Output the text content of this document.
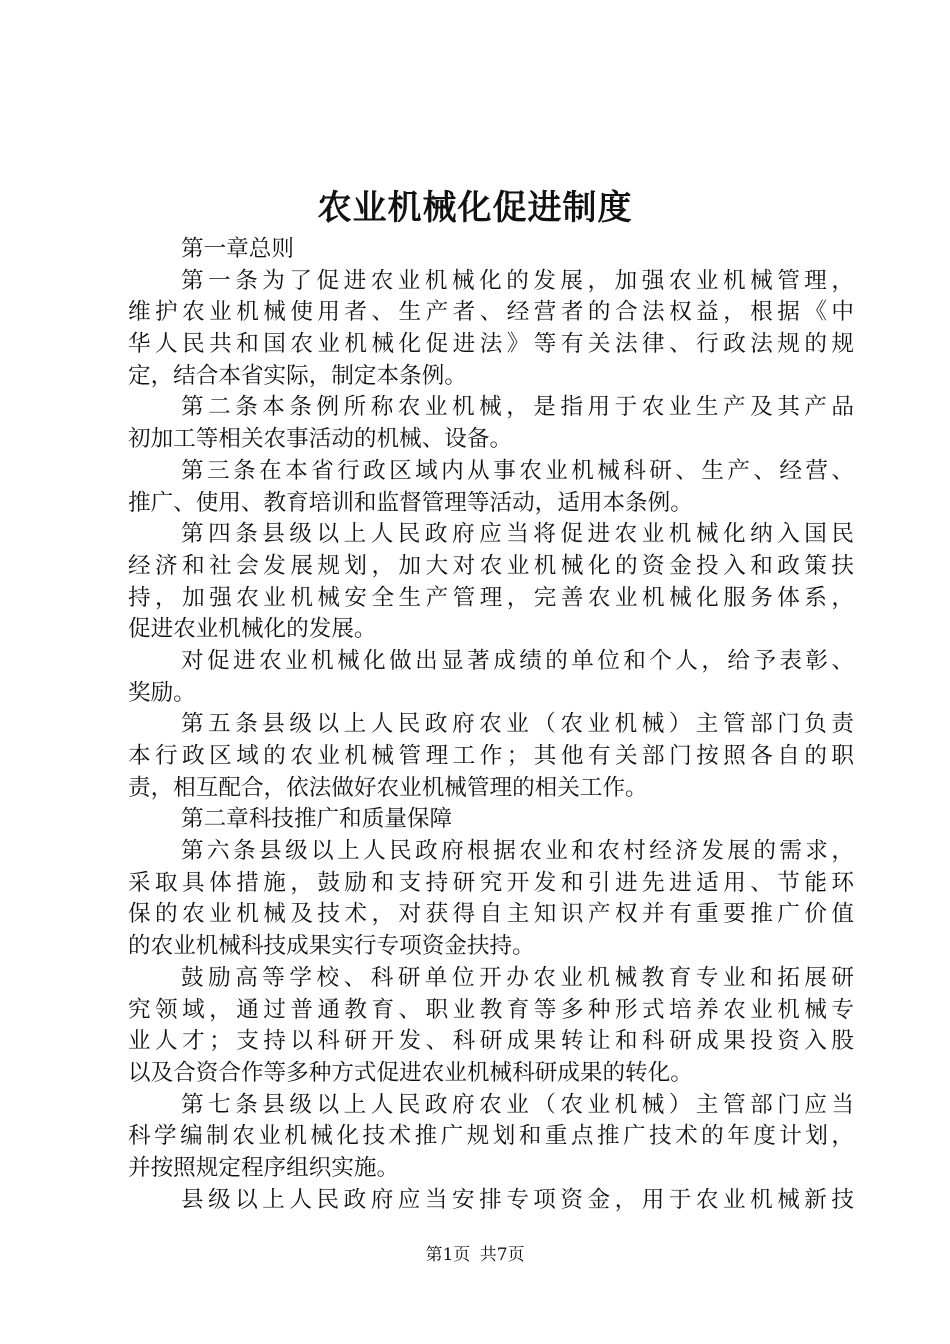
农业机械化促进制度
第一章总则
第一条为了促进农业机械化的发展，加强农业机械管理，
维护农业机械使用者、生产者、经营者的合法权益，根据《中
华人民共和国农业机械化促进法》等有关法律、行政法规的规
定，结合本省实际，制定本条例。
第二条本条例所称农业机械，是指用于农业生产及其产品
初加工等相关农事活动的机械、设备。
第三条在本省行政区域内从事农业机械科研、生产、经营、
推广、使用、教育培训和监督管理等活动，适用本条例。
第四条县级以上人民政府应当将促进农业机械化纳入国民
经济和社会发展规划，加大对农业机械化的资金投入和政策扶
持，加强农业机械安全生产管理，完善农业机械化服务体系，
促进农业机械化的发展。
对促进农业机械化做出显著成绩的单位和个人，给予表彰、
奖励。
第五条县级以上人民政府农业（农业机械）主管部门负责
本行政区域的农业机械管理工作；其他有关部门按照各自的职
责，相互配合，依法做好农业机械管理的相关工作。
第二章科技推广和质量保障
第六条县级以上人民政府根据农业和农村经济发展的需求，
采取具体措施，鼓励和支持研究开发和引进先进适用、节能环
保的农业机械及技术，对获得自主知识产权并有重要推广价值
的农业机械科技成果实行专项资金扶持。
鼓励高等学校、科研单位开办农业机械教育专业和拓展研
究领域，通过普通教育、职业教育等多种形式培养农业机械专
业人才；支持以科研开发、科研成果转让和科研成果投资入股
以及合资合作等多种方式促进农业机械科研成果的转化。
第七条县级以上人民政府农业（农业机械）主管部门应当
科学编制农业机械化技术推广规划和重点推广技术的年度计划，
并按照规定程序组织实施。
县级以上人民政府应当安排专项资金，用于农业机械新技
第1页 共7页
